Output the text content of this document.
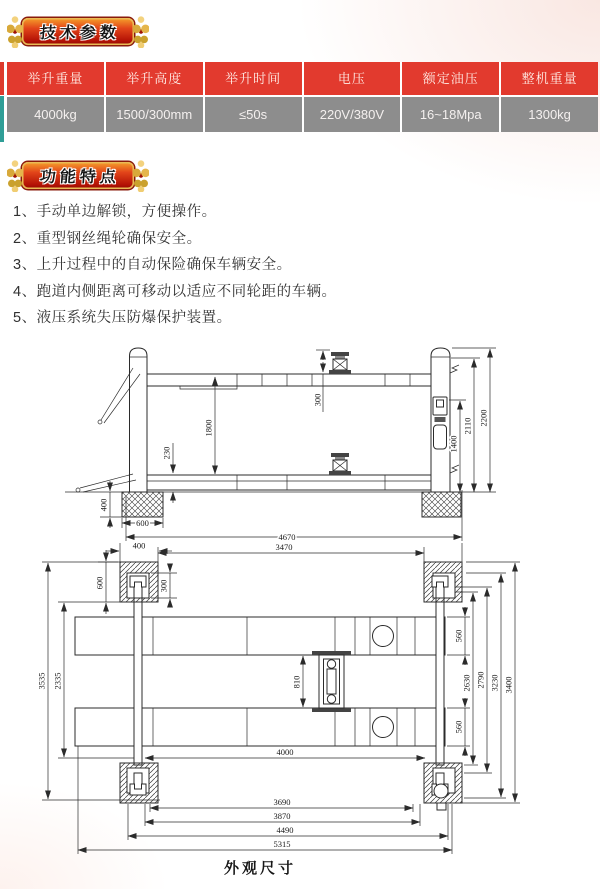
技术参数
举升重量	举升高度	举升时间	电压	额定油压	整机重量
4000kg	1500/300mm	≤50s	220V/380V	16~18Mpa	1300kg
功能特点
1、手动单边解锁，方便操作。
2、重型钢丝绳轮确保安全。
3、上升过程中的自动保险确保车辆安全。
4、跑道内侧距离可移动以适应不同轮距的车辆。
5、液压系统失压防爆保护装置。
300
1800
230
400
600
4670
1400
2110 2200
400	3470
600	300
3535 2335	810
560
560
2630 2790 3230 3400
4000
3690
3870
4490
5315
外观尺寸
